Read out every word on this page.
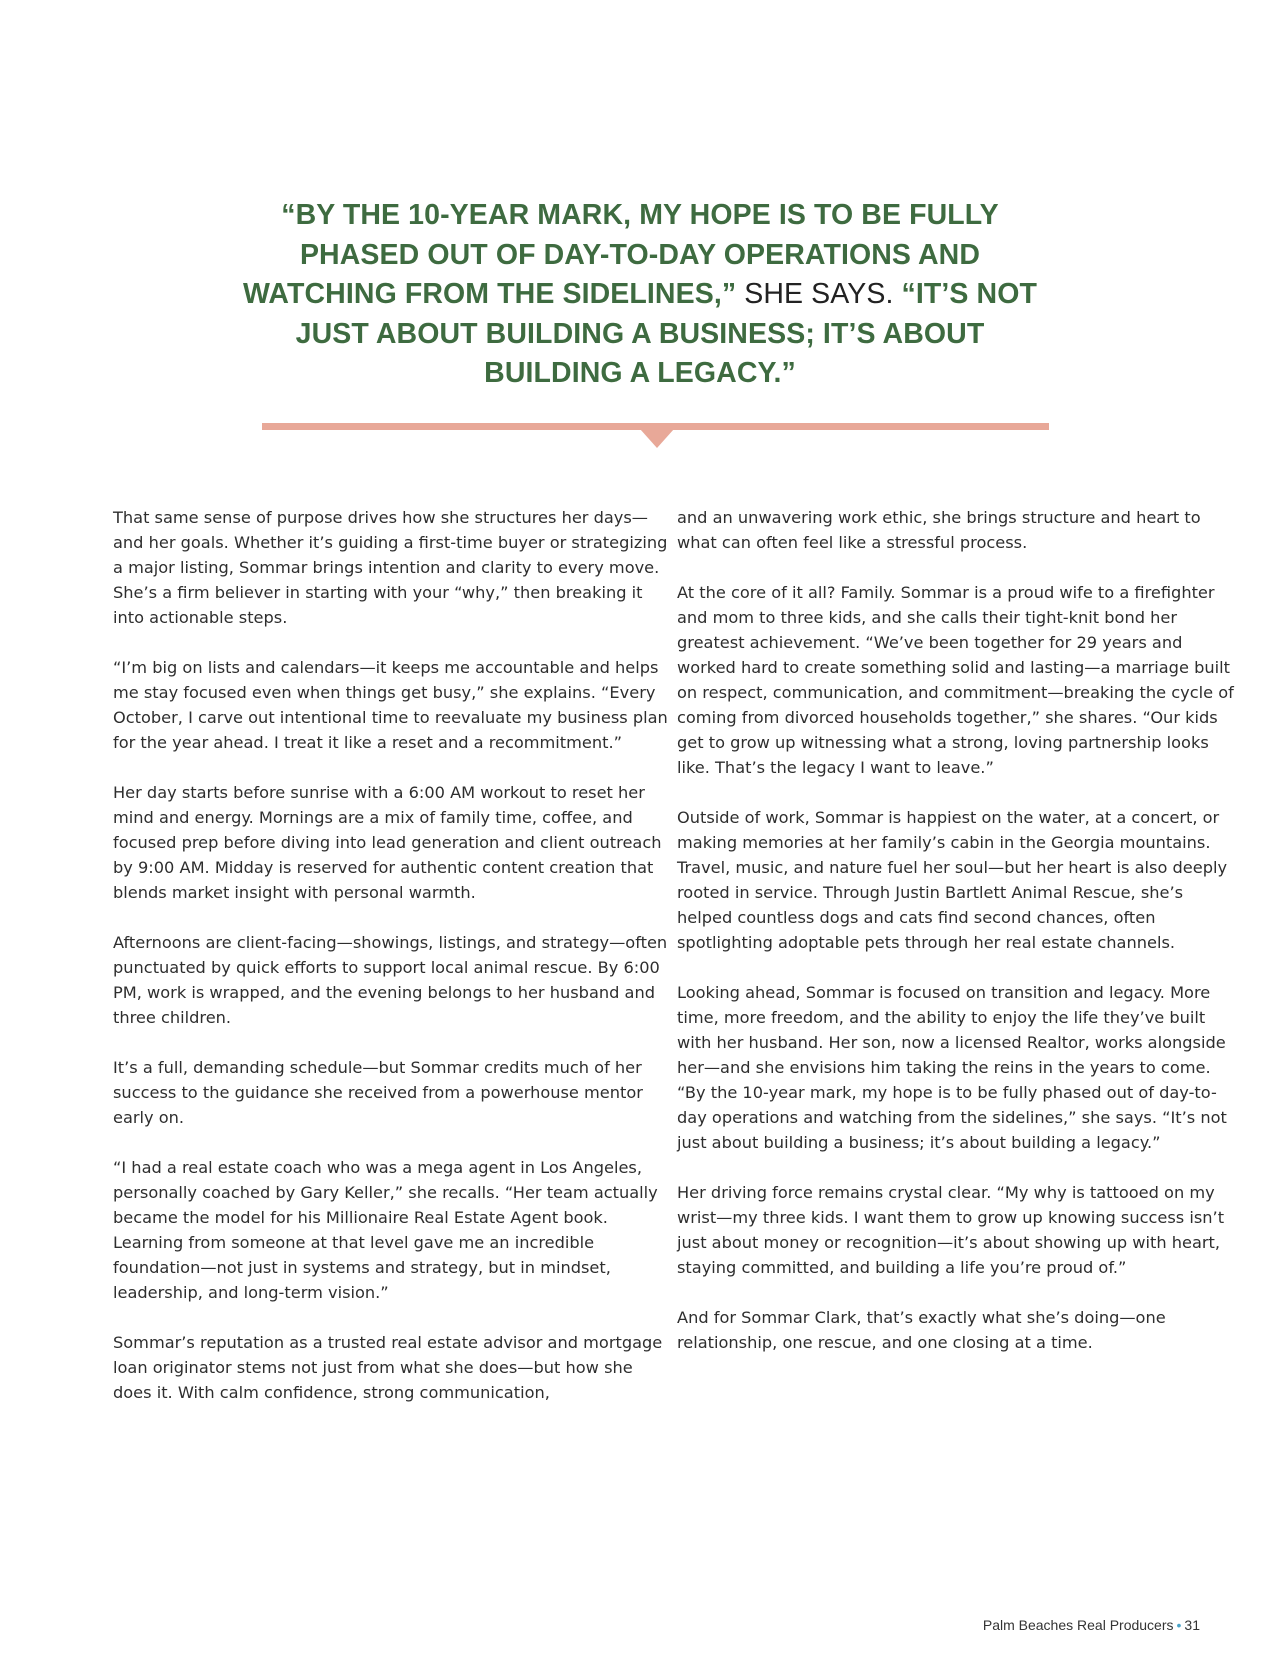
“BY THE 10-YEAR MARK, MY HOPE IS TO BE FULLY PHASED OUT OF DAY-TO-DAY OPERATIONS AND WATCHING FROM THE SIDELINES,” SHE SAYS. “IT’S NOT JUST ABOUT BUILDING A BUSINESS; IT’S ABOUT BUILDING A LEGACY.”

That same sense of purpose drives how she structures her days—and her goals. Whether it’s guiding a first-time buyer or strategizing a major listing, Sommar brings intention and clarity to every move. She’s a firm believer in starting with your “why,” then breaking it into actionable steps.

“I’m big on lists and calendars—it keeps me accountable and helps me stay focused even when things get busy,” she explains. “Every October, I carve out intentional time to reevaluate my business plan for the year ahead. I treat it like a reset and a recommitment.”

Her day starts before sunrise with a 6:00 AM workout to reset her mind and energy. Mornings are a mix of family time, coffee, and focused prep before diving into lead generation and client outreach by 9:00 AM. Midday is reserved for authentic content creation that blends market insight with personal warmth.

Afternoons are client-facing—showings, listings, and strategy—often punctuated by quick efforts to support local animal rescue. By 6:00 PM, work is wrapped, and the evening belongs to her husband and three children.

It’s a full, demanding schedule—but Sommar credits much of her success to the guidance she received from a powerhouse mentor early on.

“I had a real estate coach who was a mega agent in Los Angeles, personally coached by Gary Keller,” she recalls. “Her team actually became the model for his Millionaire Real Estate Agent book. Learning from someone at that level gave me an incredible foundation—not just in systems and strategy, but in mindset, leadership, and long-term vision.”

Sommar’s reputation as a trusted real estate advisor and mortgage loan originator stems not just from what she does—but how she does it. With calm confidence, strong communication,

and an unwavering work ethic, she brings structure and heart to what can often feel like a stressful process.

At the core of it all? Family. Sommar is a proud wife to a firefighter and mom to three kids, and she calls their tight-knit bond her greatest achievement. “We’ve been together for 29 years and worked hard to create something solid and lasting—a marriage built on respect, communication, and commitment—breaking the cycle of coming from divorced households together,” she shares. “Our kids get to grow up witnessing what a strong, loving partnership looks like. That’s the legacy I want to leave.”

Outside of work, Sommar is happiest on the water, at a concert, or making memories at her family’s cabin in the Georgia mountains. Travel, music, and nature fuel her soul—but her heart is also deeply rooted in service. Through Justin Bartlett Animal Rescue, she’s helped countless dogs and cats find second chances, often spotlighting adoptable pets through her real estate channels.

Looking ahead, Sommar is focused on transition and legacy. More time, more freedom, and the ability to enjoy the life they’ve built with her husband. Her son, now a licensed Realtor, works alongside her—and she envisions him taking the reins in the years to come. “By the 10-year mark, my hope is to be fully phased out of day-to-day operations and watching from the sidelines,” she says. “It’s not just about building a business; it’s about building a legacy.”

Her driving force remains crystal clear. “My why is tattooed on my wrist—my three kids. I want them to grow up knowing success isn’t just about money or recognition—it’s about showing up with heart, staying committed, and building a life you’re proud of.”

And for Sommar Clark, that’s exactly what she’s doing—one relationship, one rescue, and one closing at a time.

Palm Beaches Real Producers • 31
